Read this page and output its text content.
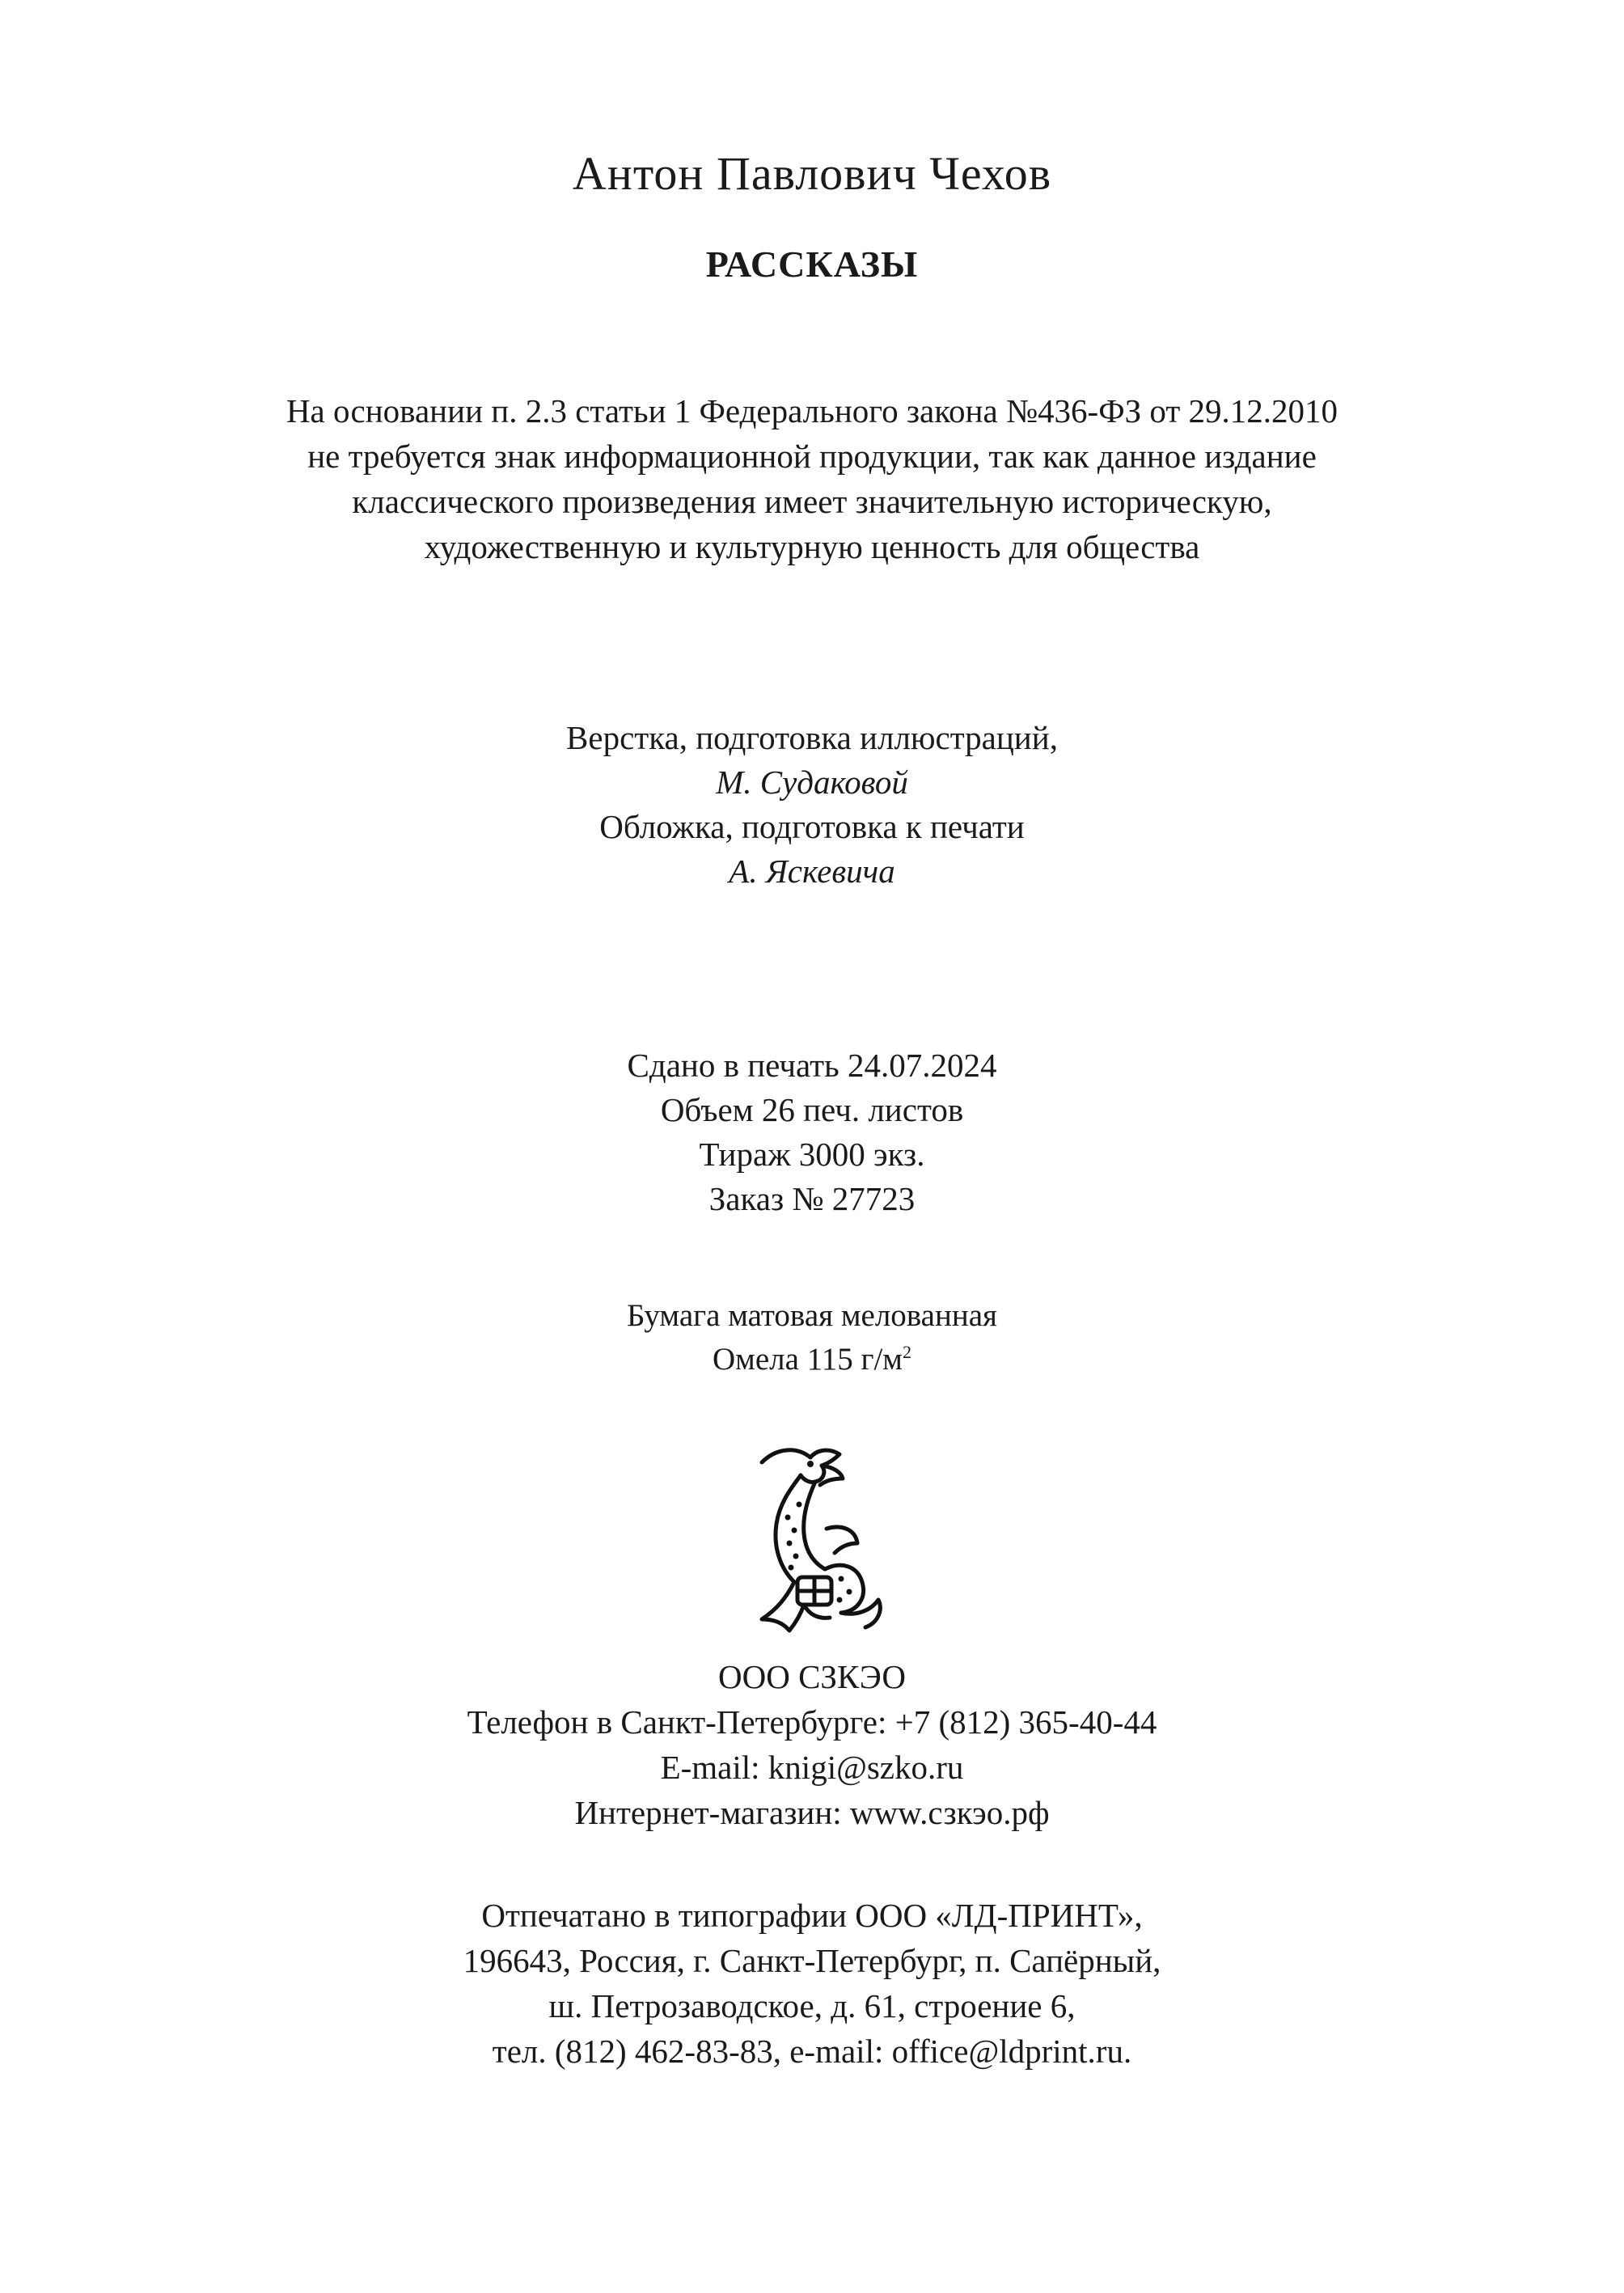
Антон Павлович Чехов
РАССКАЗЫ
На основании п. 2.3 статьи 1 Федерального закона №436-ФЗ от 29.12.2010
не требуется знак информационной продукции, так как данное издание
классического произведения имеет значительную историческую,
художественную и культурную ценность для общества
Верстка, подготовка иллюстраций,
М. Судаковой
Обложка, подготовка к печати
А. Яскевича
Сдано в печать 24.07.2024
Объем 26 печ. листов
Тираж 3000 экз.
Заказ № 27723
Бумага матовая мелованная
Омела 115 $г/м^2$
ООО СЗКЭО
Телефон в Санкт-Петербурге: +7 (812) 365-40-44
E-mail: knigi@szko.ru
Интернет-магазин: www.сзкэо.рф
Отпечатано в типографии ООО «ЛД-ПРИНТ»,
196643, Россия, г. Санкт-Петербург, п. Сапёрный,
ш. Петрозаводское, д. 61, строение 6,
тел. (812) 462-83-83, e-mail: office@ldprint.ru.
